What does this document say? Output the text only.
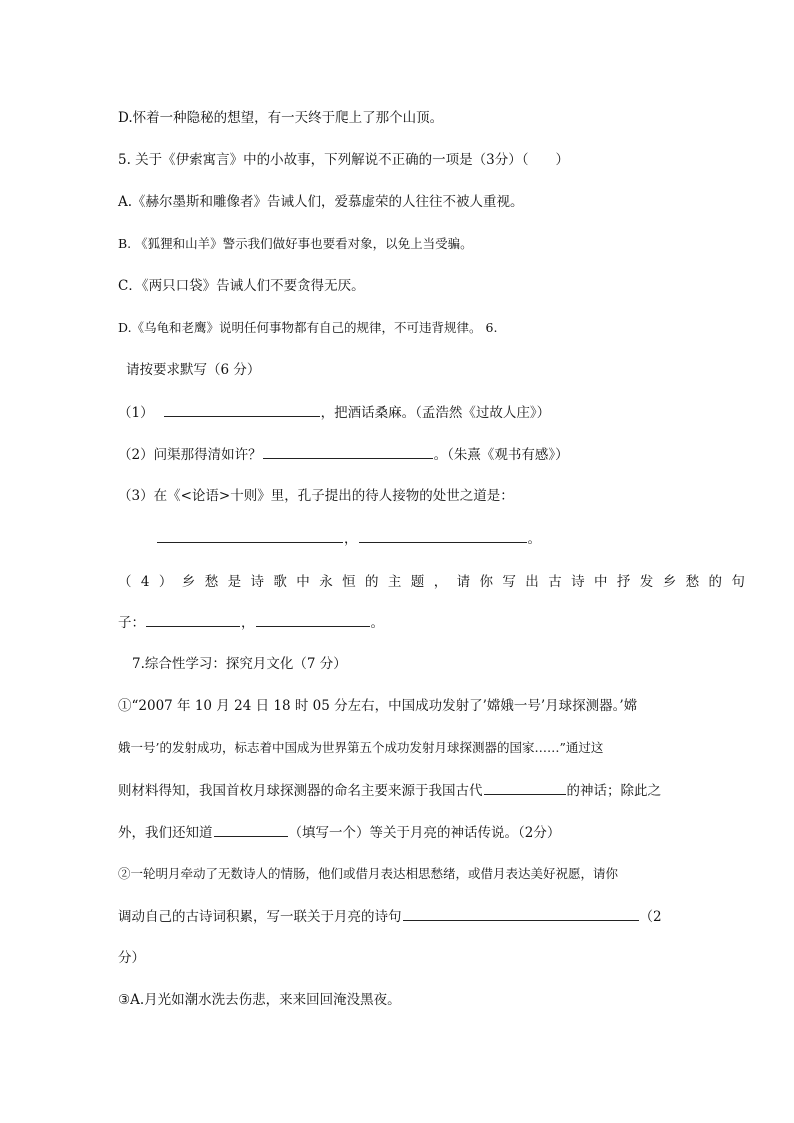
D.怀着一种隐秘的想望，有一天终于爬上了那个山顶。
5. 关于《伊索寓言》中的小故事，下列解说不正确的一项是（3分）（　　）
A.《赫尔墨斯和雕像者》告诫人们，爱慕虚荣的人往往不被人重视。
B. 《狐狸和山羊》警示我们做好事也要看对象，以免上当受骗。
C．《两只口袋》告诫人们不要贪得无厌。
D.《乌龟和老鹰》说明任何事物都有自己的规律，不可违背规律。 6.
请按要求默写（6 分）
（1）	，把酒话桑麻。（孟浩然《过故人庄》）
（2）问渠那得清如许？	。（朱熹《观书有感》）
（3）在《<论语>十则》里，孔子提出的待人接物的处世之道是：
，	。
（4）乡愁是诗歌中永恒的主题，请你写出古诗中抒发乡愁的句
子：	，	。
7.综合性学习：探究月文化（7 分）
①“2007 年 10 月 24 日 18 时 05 分左右，中国成功发射了’嫦娥一号’月球探测器。’嫦
娥一号’的发射成功，标志着中国成为世界第五个成功发射月球探测器的国家……”通过这
则材料得知，我国首枚月球探测器的命名主要来源于我国古代	的神话；除此之
外，我们还知道	（填写一个）等关于月亮的神话传说。（2分）
②一轮明月牵动了无数诗人的情肠，他们或借月表达相思愁绪，或借月表达美好祝愿，请你
调动自己的古诗词积累，写一联关于月亮的诗句	（2
分）
③A.月光如潮水洗去伤悲，来来回回淹没黑夜。
